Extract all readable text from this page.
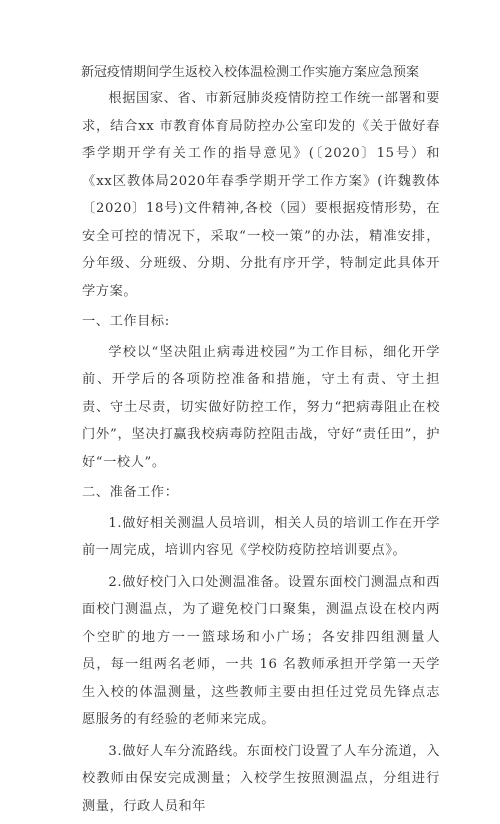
新冠疫情期间学生返校入校体温检测工作实施方案应急预案

根据国家、省、市新冠肺炎疫情防控工作统一部署和要求，结合xx 市教育体育局防控办公室印发的《关于做好春季学期开学有关工作的指导意见》(〔2020〕15号）和《xx区教体局2020年春季学期开学工作方案》(许魏教体〔2020〕18号)文件精神,各校（园）要根据疫情形势，在安全可控的情况下，采取“一校一策”的办法，精准安排，分年级、分班级、分期、分批有序开学，特制定此具体开学方案。

一、工作目标:

学校以“坚决阻止病毒进校园”为工作目标，细化开学前、开学后的各项防控准备和措施，守土有责、守土担责、守土尽责，切实做好防控工作，努力“把病毒阻止在校门外”，坚决打赢我校病毒防控阻击战，守好“责任田”，护好“一校人”。

二、准备工作：

1.做好相关测温人员培训，相关人员的培训工作在开学前一周完成，培训内容见《学校防疫防控培训要点》。

2.做好校门入口处测温准备。设置东面校门测温点和西面校门测温点，为了避免校门口聚集，测温点设在校内两个空旷的地方一一篮球场和小广场；各安排四组测量人员，每一组两名老师，一共 16 名教师承担开学第一天学生入校的体温测量，这些教师主要由担任过党员先锋点志愿服务的有经验的老师来完成。

3.做好人车分流路线。东面校门设置了人车分流道，入校教师由保安完成测量；入校学生按照测温点，分组进行测量，行政人员和年
